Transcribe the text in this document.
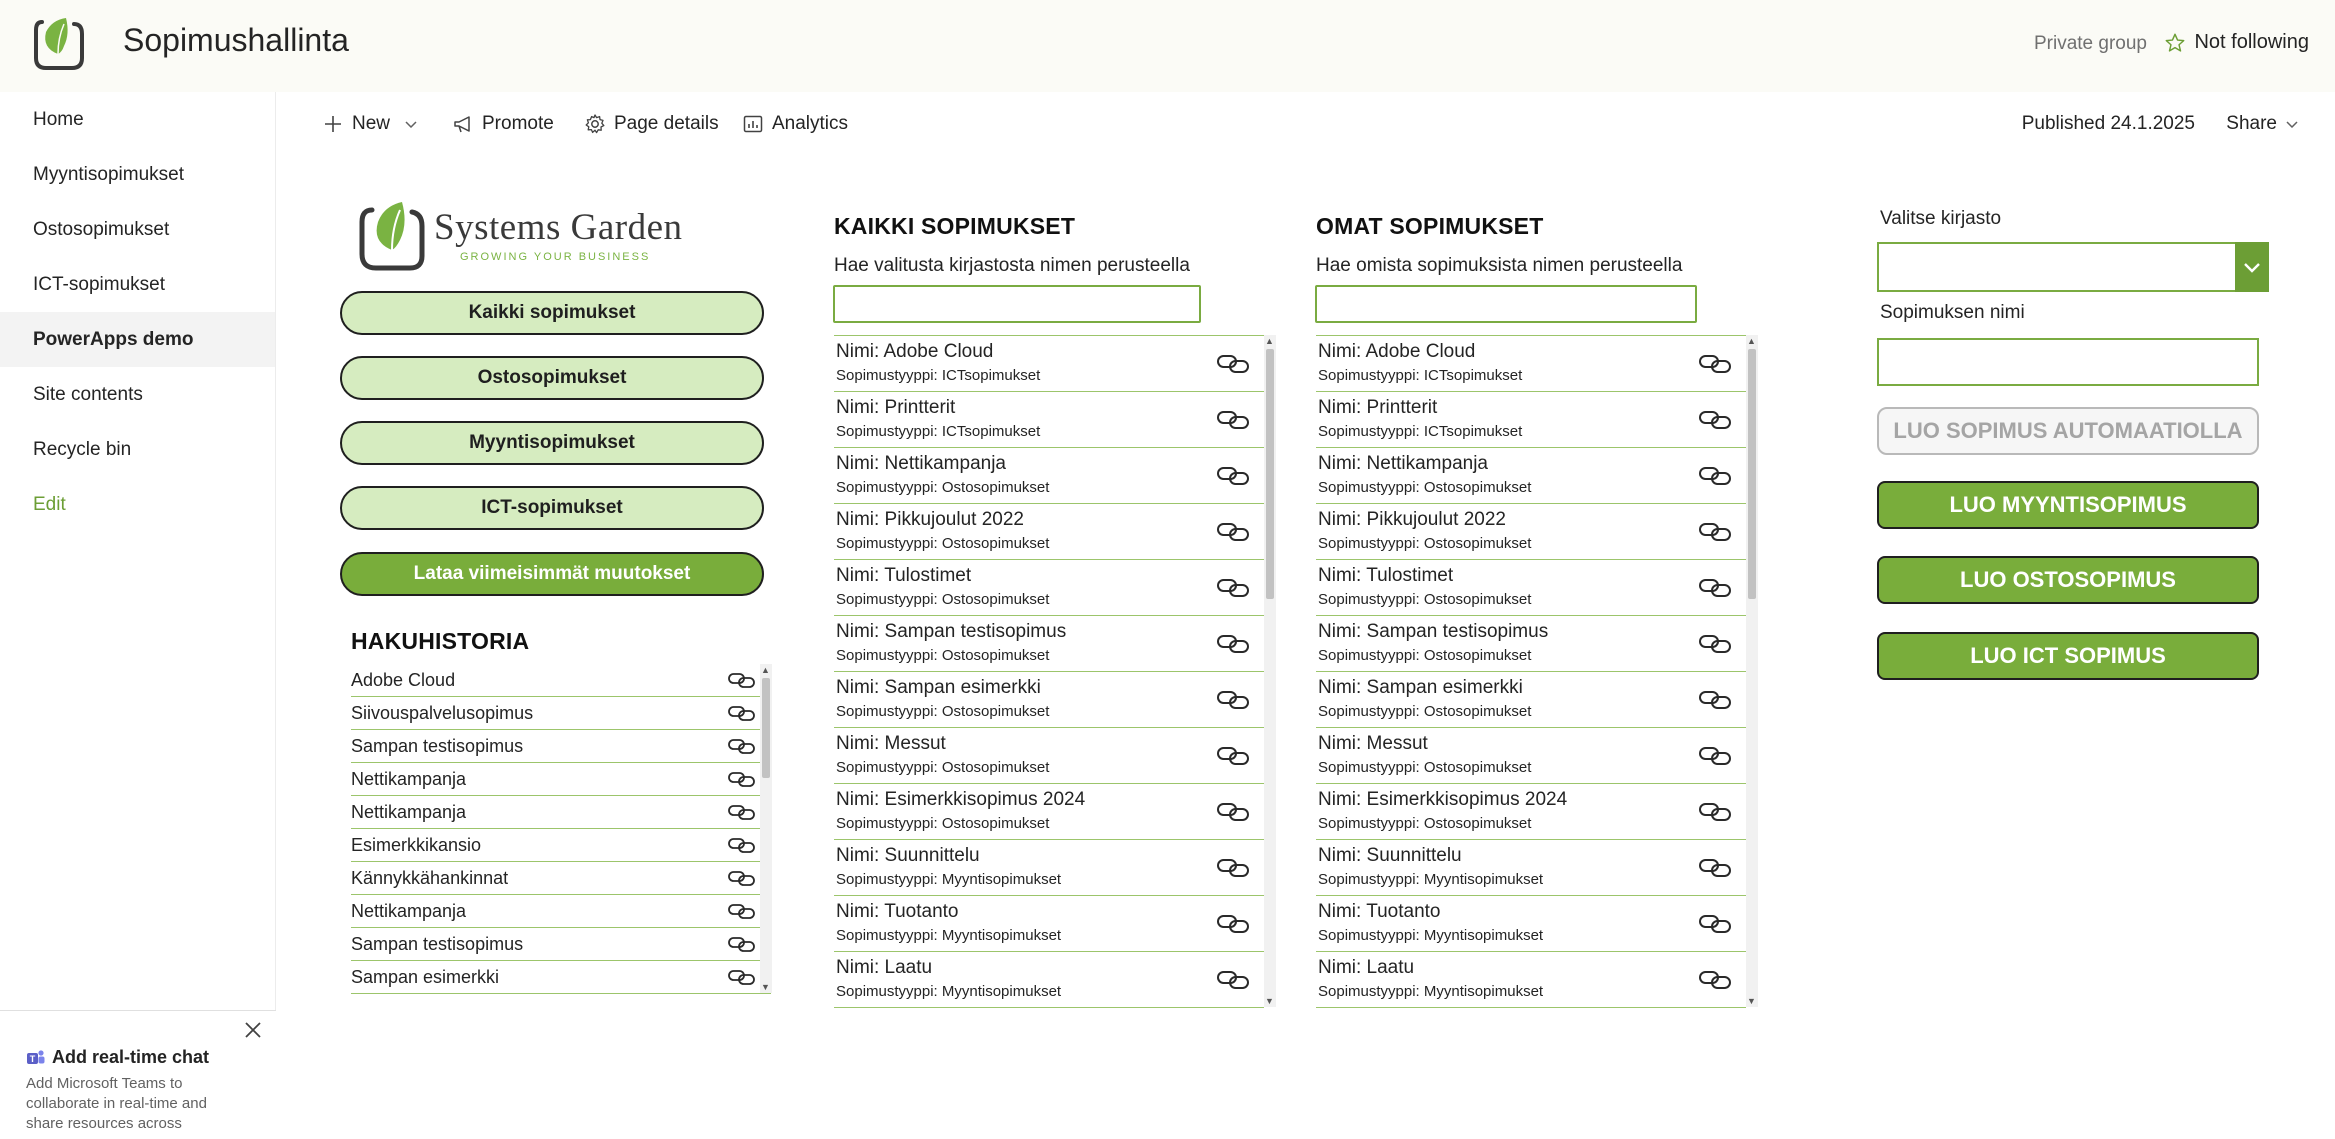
Sopimushallinta	Private group Not following
Home
Myyntisopimukset
Ostosopimukset
ICT-sopimukset
PowerApps demo
Site contents
Recycle bin
Edit
T Add real-time chat
Add Microsoft Teams to
collaborate in real-time and
share resources across
New	Promote	Page details	Analytics	Published 24.1.2025 Share
Systems Garden
GROWING YOUR BUSINESS
Kaikki sopimukset
Ostosopimukset
Myyntisopimukset
ICT-sopimukset
Lataa viimeisimmät muutokset
HAKUHISTORIA
Adobe Cloud
Siivouspalvelusopimus
Sampan testisopimus
Nettikampanja
Nettikampanja
Esimerkkikansio
Kännykkähankinnat
Nettikampanja
Sampan testisopimus
Sampan esimerkki
▲
▼
KAIKKI SOPIMUKSET
Hae valitusta kirjastosta nimen perusteella
Nimi: Adobe Cloud
Sopimustyyppi: ICTsopimukset
Nimi: Printterit
Sopimustyyppi: ICTsopimukset
Nimi: Nettikampanja
Sopimustyyppi: Ostosopimukset
Nimi: Pikkujoulut 2022
Sopimustyyppi: Ostosopimukset
Nimi: Tulostimet
Sopimustyyppi: Ostosopimukset
Nimi: Sampan testisopimus
Sopimustyyppi: Ostosopimukset
Nimi: Sampan esimerkki
Sopimustyyppi: Ostosopimukset
Nimi: Messut
Sopimustyyppi: Ostosopimukset
Nimi: Esimerkkisopimus 2024
Sopimustyyppi: Ostosopimukset
Nimi: Suunnittelu
Sopimustyyppi: Myyntisopimukset
Nimi: Tuotanto
Sopimustyyppi: Myyntisopimukset
Nimi: Laatu
Sopimustyyppi: Myyntisopimukset
▲
▼
OMAT SOPIMUKSET
Hae omista sopimuksista nimen perusteella
Nimi: Adobe Cloud
Sopimustyyppi: ICTsopimukset
Nimi: Printterit
Sopimustyyppi: ICTsopimukset
Nimi: Nettikampanja
Sopimustyyppi: Ostosopimukset
Nimi: Pikkujoulut 2022
Sopimustyyppi: Ostosopimukset
Nimi: Tulostimet
Sopimustyyppi: Ostosopimukset
Nimi: Sampan testisopimus
Sopimustyyppi: Ostosopimukset
Nimi: Sampan esimerkki
Sopimustyyppi: Ostosopimukset
Nimi: Messut
Sopimustyyppi: Ostosopimukset
Nimi: Esimerkkisopimus 2024
Sopimustyyppi: Ostosopimukset
Nimi: Suunnittelu
Sopimustyyppi: Myyntisopimukset
Nimi: Tuotanto
Sopimustyyppi: Myyntisopimukset
Nimi: Laatu
Sopimustyyppi: Myyntisopimukset
▲
▼
Valitse kirjasto
Sopimuksen nimi
LUO SOPIMUS AUTOMAATIOLLA
LUO MYYNTISOPIMUS
LUO OSTOSOPIMUS
LUO ICT SOPIMUS
